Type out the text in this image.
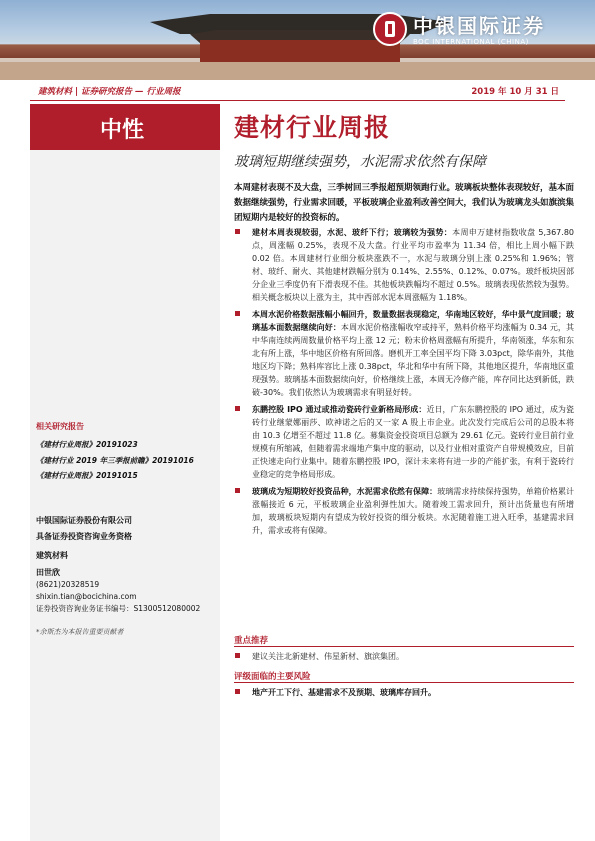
中银国际证券
BOC INTERNATIONAL (CHINA)
建筑材料 | 证券研究报告 — 行业周报	2019 年 10 月 31 日
中性	建材行业周报
玻璃短期继续强势，水泥需求依然有保障
本周建材表现不及大盘，三季树回三季报超预期领跑行业。玻璃板块整体表现较好，基本面数据继续强势，行业需求回暖，平板玻璃企业盈利改善空间大，我们认为玻璃龙头如旗滨集团短期内是较好的投资标的。
建材本周表现较弱，水泥、玻纤下行；玻璃较为强势：本周申万建材指数收盘 5,367.80 点，周涨幅 0.25%，表现不及大盘。行业平均市盈率为 11.34 倍，相比上周小幅下跌 0.02 倍。本周建材行业细分板块涨跌不一，水泥与玻璃分别上涨 0.25%和 1.96%；管材、玻纤、耐火、其他建材跌幅分别为 0.14%、2.55%、0.12%、0.07%。玻纤板块因部分企业三季度仍有下滑表现不佳。其他板块跌幅均不超过 0.5%。玻璃表现依然较为强势。相关概念板块以上涨为主，其中西部水泥本周涨幅为 1.18%。
本周水泥价格数据涨幅小幅回升，数量数据表现稳定，华南地区较好，华中景气度回暖；玻璃基本面数据继续向好：本周水泥价格涨幅收窄或持平，熟料价格平均涨幅为 0.34 元，其中华南连续两周数量价格平均上涨 12 元；粉末价格周涨幅有所提升，华南领涨，华东和东北有所上涨，华中地区价格有所回落。磨机开工率全国平均下降 3.03pct，除华南外，其他地区均下降；熟料库容比上涨 0.38pct，华北和华中有所下降，其他地区提升，华南地区重现强势。玻璃基本面数据续向好，价格继续上涨，本周无冷修产能，库存同比达到新低，跌破-30%。我们依然认为玻璃需求有明显好转。
东鹏控股 IPO 通过或推动瓷砖行业新格局形成：近日，广东东鹏控股的 IPO 通过，成为瓷砖行业继蒙娜丽莎、欧神诺之后的又一家 A 股上市企业。此次发行完成后公司的总股本将由 10.3 亿增至不超过 11.8 亿。募集资金投资项目总额为 29.61 亿元。瓷砖行业目前行业规模有所缩减，但随着需求端地产集中度的驱动，以及行业相对重资产自带规模效应，目前正快速走向行业集中。随着东鹏控股 IPO，深计未来将有进一步的产能扩张，有利于瓷砖行业稳定的竞争格局形成。
玻璃成为短期较好投资品种，水泥需求依然有保障：玻璃需求持续保持强势，单箱价格累计涨幅接近 6 元，平板玻璃企业盈利弹性加大。随着竣工需求回升，预计出货量也有所增加，玻璃板块短期内有望成为较好投资的细分板块。水泥随着施工进入旺季，基建需求回升，需求或将有保障。
重点推荐
建议关注北新建材、伟星新材、旗滨集团。
评级面临的主要风险
地产开工下行、基建需求不及预期、玻璃库存回升。
相关研究报告
《建材行业周报》20191023
《建材行业 2019 年三季报前瞻》20191016
《建材行业周报》20191015
中银国际证券股份有限公司
具备证券投资咨询业务资格
建筑材料
田世欣
(8621)20328519
shixin.tian@bocichina.com
证券投资咨询业务证书编号：S1300512080002
*余斯杰为本报告重要贡献者
